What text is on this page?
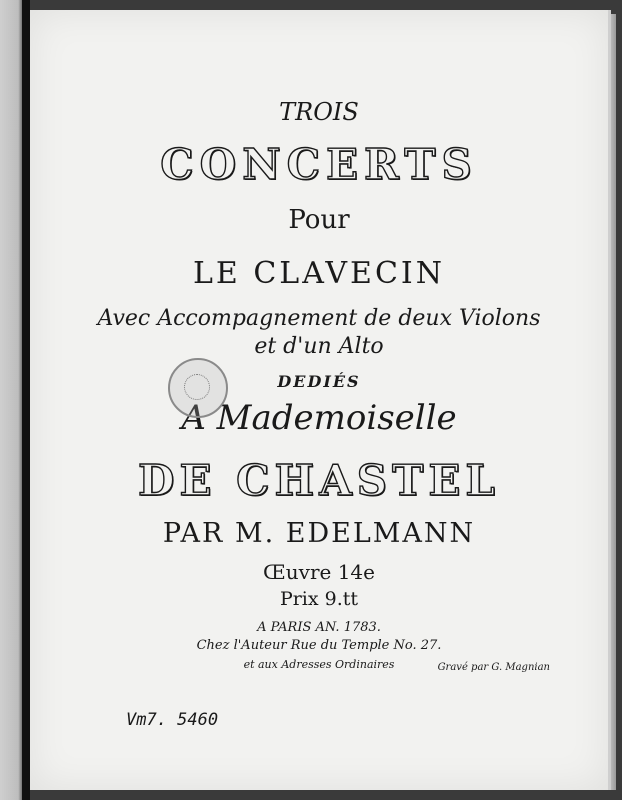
TROIS
CONCERTS
Pour
LE CLAVECIN
Avec Accompagnement de deux Violons
et d'un Alto
DEDIÉS
A Mademoiselle
DE CHASTEL
PAR M. EDELMANN
Œuvre 14e
Prix 9.tt
A PARIS AN. 1783.
Chez l'Auteur Rue du Temple No. 27.
et aux Adresses Ordinaires	Gravé par G. Magnian
Vm7. 5460
